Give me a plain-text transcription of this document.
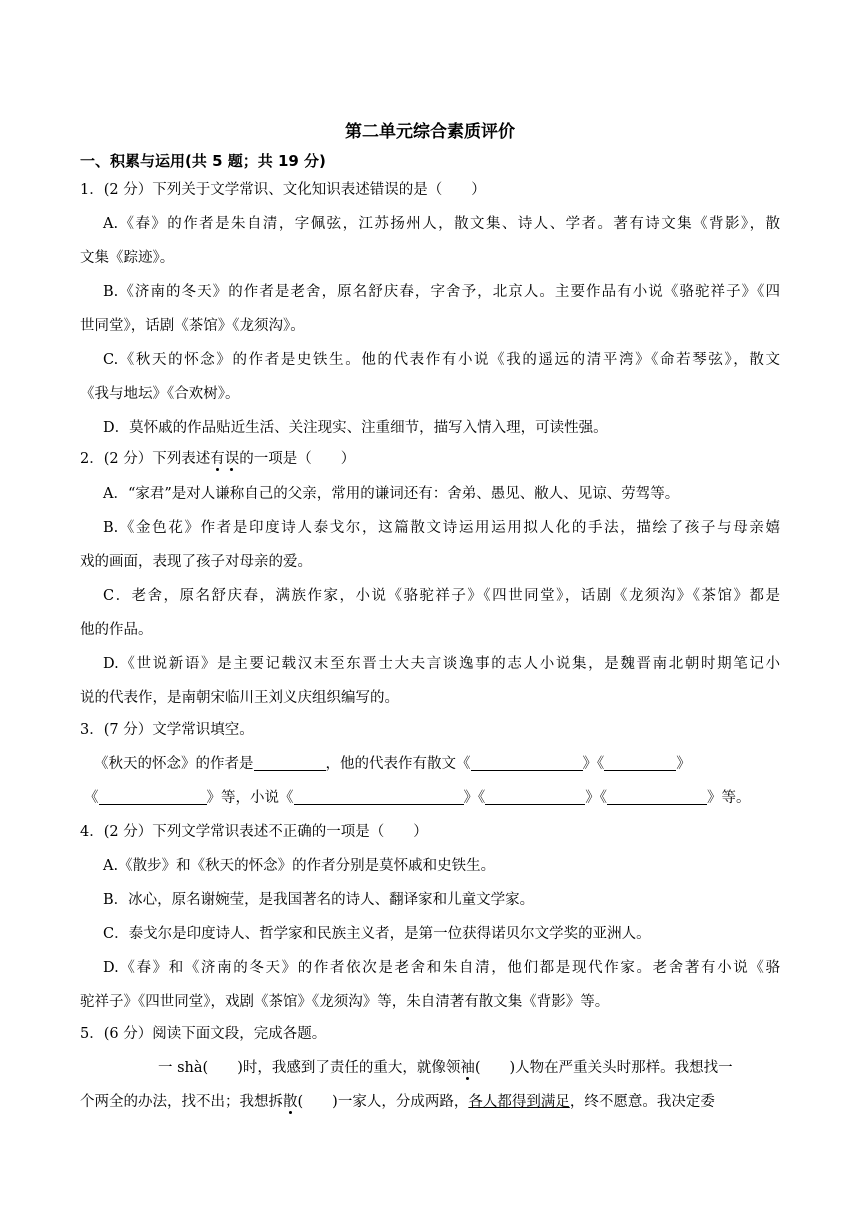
第二单元综合素质评价
一、积累与运用(共 5 题；共 19 分)
1．(2 分）下列关于文学常识、文化知识表述错误的是（　　）
A.《春》的作者是朱自清，字佩弦，江苏扬州人，散文集、诗人、学者。著有诗文集《背影》，散
文集《踪迹》。
B.《济南的冬天》的作者是老舍，原名舒庆春，字舍予，北京人。主要作品有小说《骆驼祥子》《四
世同堂》，话剧《茶馆》《龙须沟》。
C.《秋天的怀念》的作者是史铁生。他的代表作有小说《我的遥远的清平湾》《命若琴弦》，散文
《我与地坛》《合欢树》。
D．莫怀戚的作品贴近生活、关注现实、注重细节，描写入情入理，可读性强。
2．(2 分）下列表述有误的一项是（　　）
A．“家君”是对人谦称自己的父亲，常用的谦词还有：舍弟、愚见、敝人、见谅、劳驾等。
B.《金色花》作者是印度诗人泰戈尔，这篇散文诗运用运用拟人化的手法，描绘了孩子与母亲嬉
戏的画面，表现了孩子对母亲的爱。
C．老舍，原名舒庆春，满族作家，小说《骆驼祥子》《四世同堂》，话剧《龙须沟》《茶馆》都是
他的作品。
D.《世说新语》是主要记载汉末至东晋士大夫言谈逸事的志人小说集，是魏晋南北朝时期笔记小
说的代表作，是南朝宋临川王刘义庆组织编写的。
3．(7 分）文学常识填空。
《秋天的怀念》的作者是	，他的代表作有散文《	》《	》
《	》等，小说《	》《	》《	》等。
4．(2 分）下列文学常识表述不正确的一项是（　　）
A.《散步》和《秋天的怀念》的作者分别是莫怀戚和史铁生。
B．冰心，原名谢婉莹，是我国著名的诗人、翻译家和儿童文学家。
C．泰戈尔是印度诗人、哲学家和民族主义者，是第一位获得诺贝尔文学奖的亚洲人。
D.《春》和《济南的冬天》的作者依次是老舍和朱自清，他们都是现代作家。老舍著有小说《骆
驼祥子》《四世同堂》，戏剧《茶馆》《龙须沟》等，朱自清著有散文集《背影》等。
5．(6 分）阅读下面文段，完成各题。
一 shà(　　)时，我感到了责任的重大，就像领袖(　　)人物在严重关头时那样。我想找一
个两全的办法，找不出；我想拆散(　　)一家人，分成两路，各人都得到满足，终不愿意。我决定委
